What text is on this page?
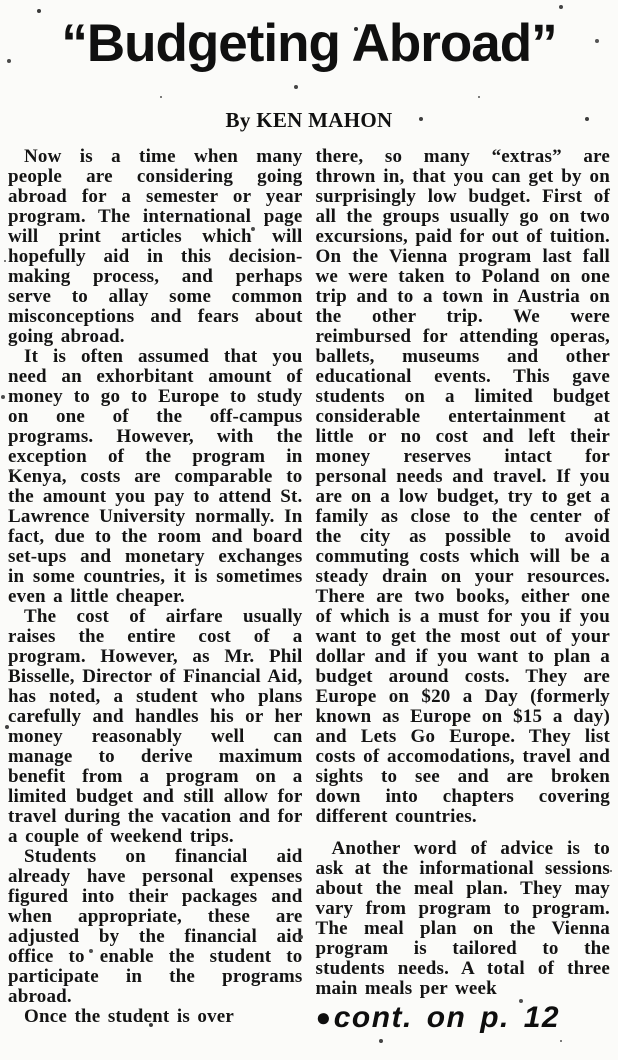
“Budgeting Abroad”
By KEN MAHON

Now is a time when many people are considering going abroad for a semester or year program. The international page will print articles which will hopefully aid in this decision-making process, and perhaps serve to allay some common misconceptions and fears about going abroad.

It is often assumed that you need an exhorbitant amount of money to go to Europe to study on one of the off-campus programs. However, with the exception of the program in Kenya, costs are comparable to the amount you pay to attend St. Lawrence University normally. In fact, due to the room and board set-ups and monetary exchanges in some countries, it is sometimes even a little cheaper.

The cost of airfare usually raises the entire cost of a program. However, as Mr. Phil Bisselle, Director of Financial Aid, has noted, a student who plans carefully and handles his or her money reasonably well can manage to derive maximum benefit from a program on a limited budget and still allow for travel during the vacation and for a couple of weekend trips.

Students on financial aid already have personal expenses figured into their packages and when appropriate, these are adjusted by the financial aid office to enable the student to participate in the programs abroad.

Once the student is over

there, so many “extras” are thrown in, that you can get by on surprisingly low budget. First of all the groups usually go on two excursions, paid for out of tuition. On the Vienna program last fall we were taken to Poland on one trip and to a town in Austria on the other trip. We were reimbursed for attending operas, ballets, museums and other educational events. This gave students on a limited budget considerable entertainment at little or no cost and left their money reserves intact for personal needs and travel. If you are on a low budget, try to get a family as close to the center of the city as possible to avoid commuting costs which will be a steady drain on your resources. There are two books, either one of which is a must for you if you want to get the most out of your dollar and if you want to plan a budget around costs. They are Europe on $20 a Day (formerly known as Europe on $15 a day) and Lets Go Europe. They list costs of accomodations, travel and sights to see and are broken down into chapters covering different countries.

Another word of advice is to ask at the informational sessions about the meal plan. They may vary from program to program. The meal plan on the Vienna program is tailored to the students needs. A total of three main meals per week

●cont. on p. 12
